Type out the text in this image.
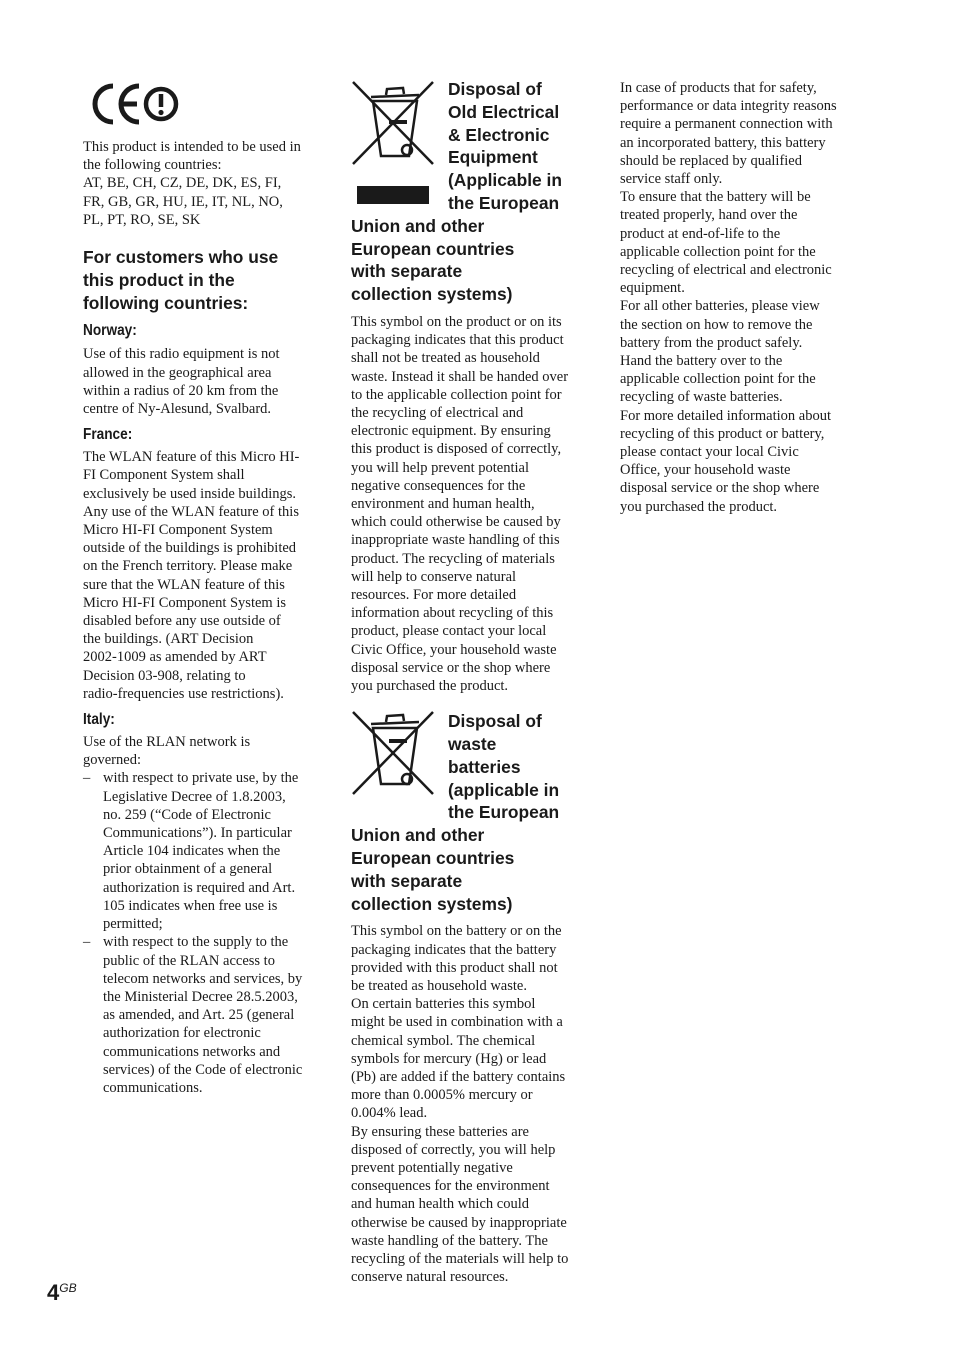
This product is intended to be used in

the following countries:

AT, BE, CH, CZ, DE, DK, ES, FI,

FR, GB, GR, HU, IE, IT, NL, NO,

PL, PT, RO, SE, SK

For customers who use

this product in the

following countries:

Norway:

Use of this radio equipment is not

allowed in the geographical area

within a radius of 20 km from the

centre of Ny-Alesund, Svalbard.

France:

The WLAN feature of this Micro HI-

FI Component System shall

exclusively be used inside buildings.

Any use of the WLAN feature of this

Micro HI-FI Component System

outside of the buildings is prohibited

on the French territory. Please make

sure that the WLAN feature of this

Micro HI-FI Component System is

disabled before any use outside of

the buildings. (ART Decision

2002-1009 as amended by ART

Decision 03-908, relating to

radio-frequencies use restrictions).

Italy:

Use of the RLAN network is

governed:

– with respect to private use, by the
Legislative Decree of 1.8.2003,
no. 259 (“Code of Electronic
Communications”). In particular
Article 104 indicates when the
prior obtainment of a general
authorization is required and Art.
105 indicates when free use is
permitted;
– with respect to the supply to the
public of the RLAN access to
telecom networks and services, by
the Ministerial Decree 28.5.2003,
as amended, and Art. 25 (general
authorization for electronic
communications networks and
services) of the Code of electronic
communications.

Disposal of

Old Electrical

& Electronic

Equipment

(Applicable in

the European

Union and other

European countries

with separate

collection systems)

This symbol on the product or on its

packaging indicates that this product

shall not be treated as household

waste. Instead it shall be handed over

to the applicable collection point for

the recycling of electrical and

electronic equipment. By ensuring

this product is disposed of correctly,

you will help prevent potential

negative consequences for the

environment and human health,

which could otherwise be caused by

inappropriate waste handling of this

product. The recycling of materials

will help to conserve natural

resources. For more detailed

information about recycling of this

product, please contact your local

Civic Office, your household waste

disposal service or the shop where

you purchased the product.

Disposal of

waste

batteries

(applicable in

the European

Union and other

European countries

with separate

collection systems)

This symbol on the battery or on the

packaging indicates that the battery

provided with this product shall not

be treated as household waste.

On certain batteries this symbol

might be used in combination with a

chemical symbol. The chemical

symbols for mercury (Hg) or lead

(Pb) are added if the battery contains

more than 0.0005% mercury or

0.004% lead.

By ensuring these batteries are

disposed of correctly, you will help

prevent potentially negative

consequences for the environment

and human health which could

otherwise be caused by inappropriate

waste handling of the battery. The

recycling of the materials will help to

conserve natural resources.

In case of products that for safety,

performance or data integrity reasons

require a permanent connection with

an incorporated battery, this battery

should be replaced by qualified

service staff only.

To ensure that the battery will be

treated properly, hand over the

product at end-of-life to the

applicable collection point for the

recycling of electrical and electronic

equipment.

For all other batteries, please view

the section on how to remove the

battery from the product safely.

Hand the battery over to the

applicable collection point for the

recycling of waste batteries.

For more detailed information about

recycling of this product or battery,

please contact your local Civic

Office, your household waste

disposal service or the shop where

you purchased the product.

$4^{GB}$
